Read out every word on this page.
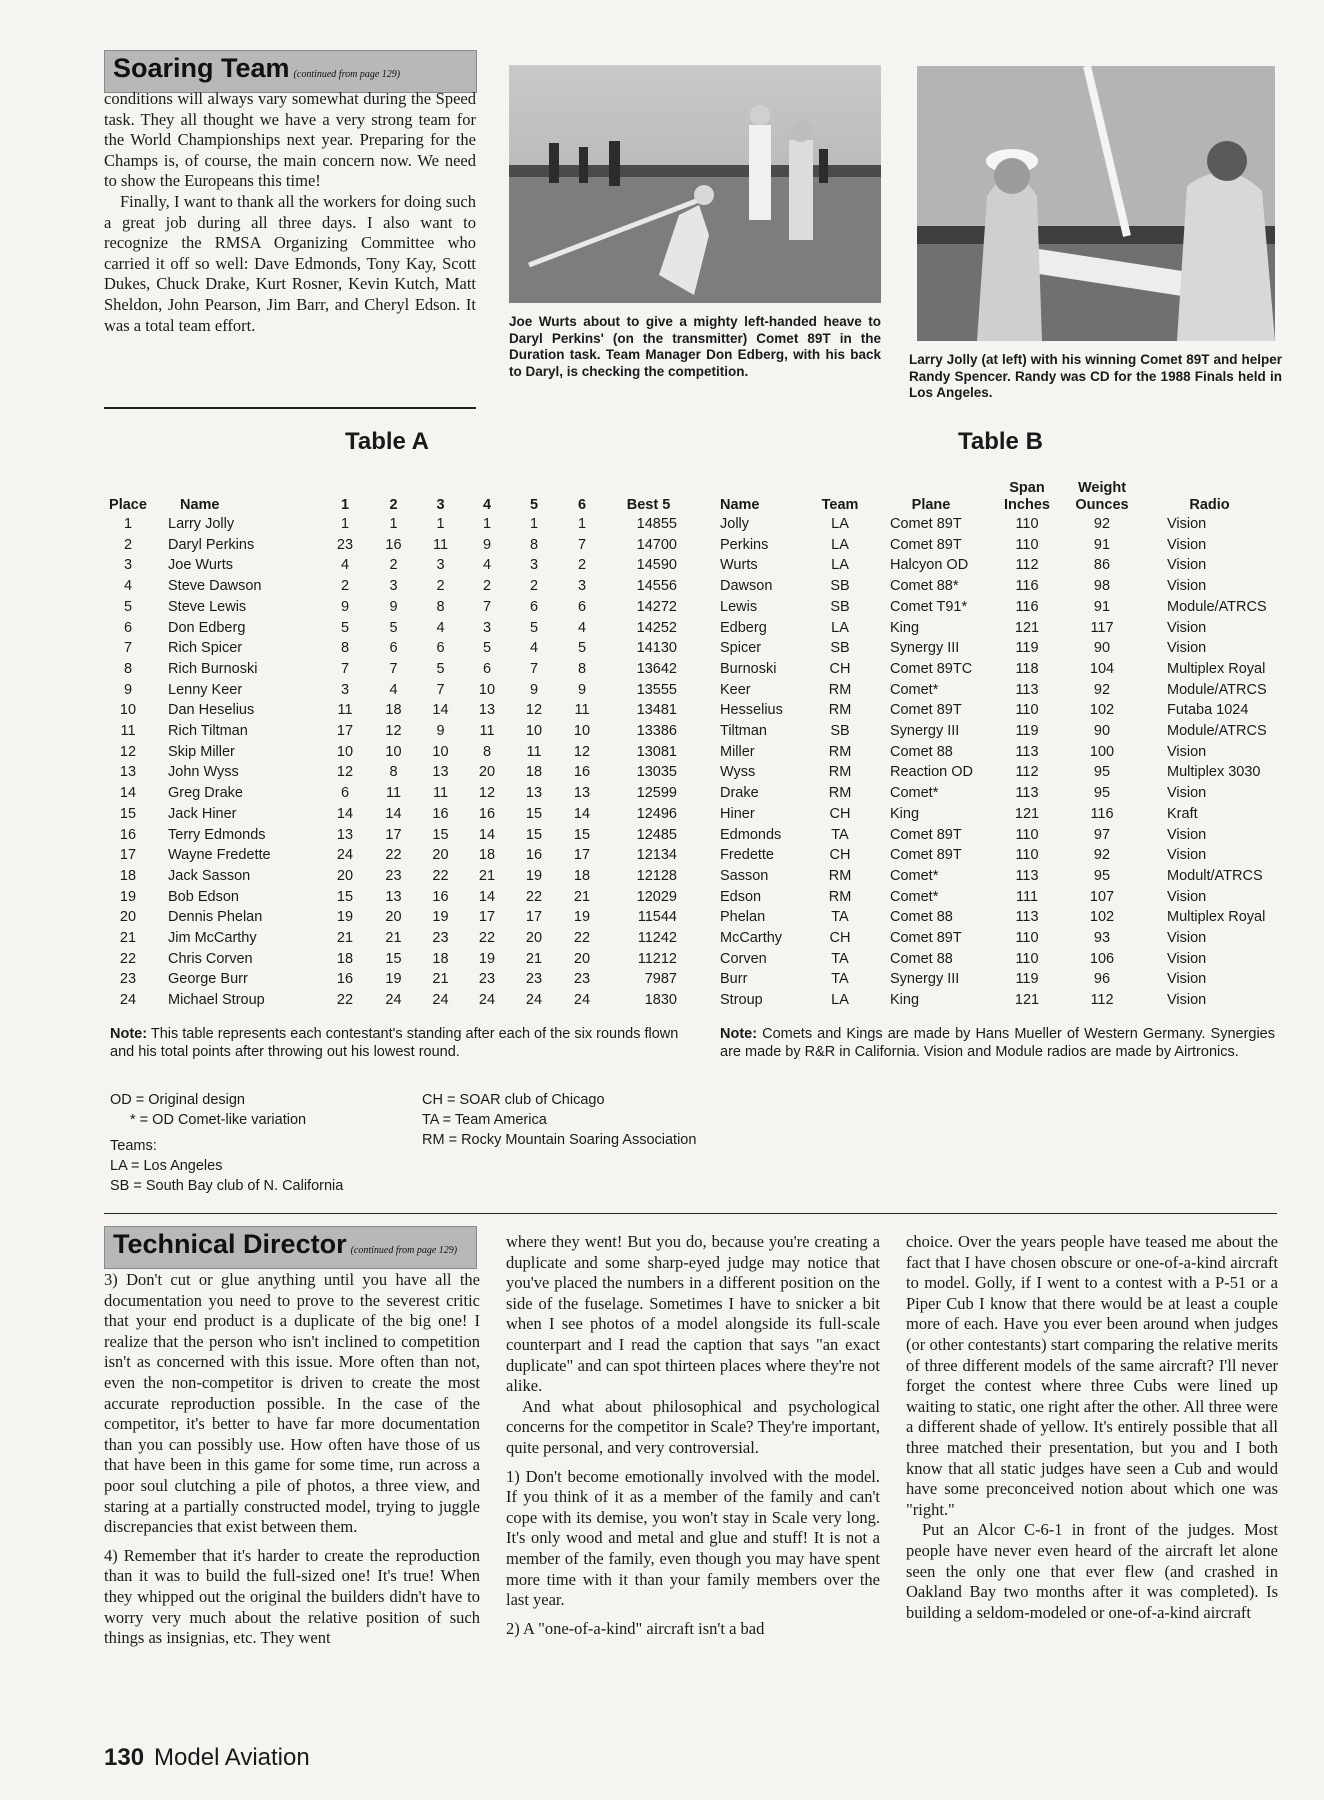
Soaring Team (continued from page 129)

conditions will always vary somewhat during the Speed task. They all thought we have a very strong team for the World Championships next year. Preparing for the Champs is, of course, the main concern now. We need to show the Europeans this time!

Finally, I want to thank all the workers for doing such a great job during all three days. I also want to recognize the RMSA Organizing Committee who carried it off so well: Dave Edmonds, Tony Kay, Scott Dukes, Chuck Drake, Kurt Rosner, Kevin Kutch, Matt Sheldon, John Pearson, Jim Barr, and Cheryl Edson. It was a total team effort.	Joe Wurts about to give a mighty left-handed heave to Daryl Perkins' (on the transmitter) Comet 89T in the Duration task. Team Manager Don Edberg, with his back to Daryl, is checking the competition.
Larry Jolly (at left) with his winning Comet 89T and helper Randy Spencer. Randy was CD for the 1988 Finals held in Los Angeles.
Table A	Table B
Place	Name	1	2	3	4	5	6	Best 5
1	Larry Jolly	1	1	1	1	1	1	14855
2	Daryl Perkins	23	16	11	9	8	7	14700
3	Joe Wurts	4	2	3	4	3	2	14590
4	Steve Dawson	2	3	2	2	2	3	14556
5	Steve Lewis	9	9	8	7	6	6	14272
6	Don Edberg	5	5	4	3	5	4	14252
7	Rich Spicer	8	6	6	5	4	5	14130
8	Rich Burnoski	7	7	5	6	7	8	13642
9	Lenny Keer	3	4	7	10	9	9	13555
10	Dan Heselius	11	18	14	13	12	11	13481
11	Rich Tiltman	17	12	9	11	10	10	13386
12	Skip Miller	10	10	10	8	11	12	13081
13	John Wyss	12	8	13	20	18	16	13035
14	Greg Drake	6	11	11	12	13	13	12599
15	Jack Hiner	14	14	16	16	15	14	12496
16	Terry Edmonds	13	17	15	14	15	15	12485
17	Wayne Fredette	24	22	20	18	16	17	12134
18	Jack Sasson	20	23	22	21	19	18	12128
19	Bob Edson	15	13	16	14	22	21	12029
20	Dennis Phelan	19	20	19	17	17	19	11544
21	Jim McCarthy	21	21	23	22	20	22	11242
22	Chris Corven	18	15	18	19	21	20	11212
23	George Burr	16	19	21	23	23	23	7987
24	Michael Stroup	22	24	24	24	24	24	1830
Name	Team	Plane	Span Inches	Weight Ounces	Radio
Jolly	LA	Comet 89T	110	92	Vision
Perkins	LA	Comet 89T	110	91	Vision
Wurts	LA	Halcyon OD	112	86	Vision
Dawson	SB	Comet 88*	116	98	Vision
Lewis	SB	Comet T91*	116	91	Module/ATRCS
Edberg	LA	King	121	117	Vision
Spicer	SB	Synergy III	119	90	Vision
Burnoski	CH	Comet 89TC	118	104	Multiplex Royal
Keer	RM	Comet*	113	92	Module/ATRCS
Hesselius	RM	Comet 89T	110	102	Futaba 1024
Tiltman	SB	Synergy III	119	90	Module/ATRCS
Miller	RM	Comet 88	113	100	Vision
Wyss	RM	Reaction OD	112	95	Multiplex 3030
Drake	RM	Comet*	113	95	Vision
Hiner	CH	King	121	116	Kraft
Edmonds	TA	Comet 89T	110	97	Vision
Fredette	CH	Comet 89T	110	92	Vision
Sasson	RM	Comet*	113	95	Modult/ATRCS
Edson	RM	Comet*	111	107	Vision
Phelan	TA	Comet 88	113	102	Multiplex Royal
McCarthy	CH	Comet 89T	110	93	Vision
Corven	TA	Comet 88	110	106	Vision
Burr	TA	Synergy III	119	96	Vision
Stroup	LA	King	121	112	Vision
Note: This table represents each contestant's standing after each of the six rounds flown and his total points after throwing out his lowest round.
Note: Comets and Kings are made by Hans Mueller of Western Germany. Synergies are made by R&R in California. Vision and Module radios are made by Airtronics.
OD = Original design
* = OD Comet-like variation
Teams:
LA = Los Angeles
SB = South Bay club of N. California
CH = SOAR club of Chicago
TA = Team America
RM = Rocky Mountain Soaring Association
Technical Director (continued from page 129)

3) Don't cut or glue anything until you have all the documentation you need to prove to the severest critic that your end product is a duplicate of the big one! I realize that the person who isn't inclined to competition isn't as concerned with this issue. More often than not, even the non-competitor is driven to create the most accurate reproduction possible. In the case of the competitor, it's better to have far more documentation than you can possibly use. How often have those of us that have been in this game for some time, run across a poor soul clutching a pile of photos, a three view, and staring at a partially constructed model, trying to juggle discrepancies that exist between them.

4) Remember that it's harder to create the reproduction than it was to build the full-sized one! It's true! When they whipped out the original the builders didn't have to worry very much about the relative position of such things as insignias, etc. They went

where they went! But you do, because you're creating a duplicate and some sharp-eyed judge may notice that you've placed the numbers in a different position on the side of the fuselage. Sometimes I have to snicker a bit when I see photos of a model alongside its full-scale counterpart and I read the caption that says "an exact duplicate" and can spot thirteen places where they're not alike.

And what about philosophical and psychological concerns for the competitor in Scale? They're important, quite personal, and very controversial.

1) Don't become emotionally involved with the model. If you think of it as a member of the family and can't cope with its demise, you won't stay in Scale very long. It's only wood and metal and glue and stuff! It is not a member of the family, even though you may have spent more time with it than your family members over the last year.

2) A "one-of-a-kind" aircraft isn't a bad

choice. Over the years people have teased me about the fact that I have chosen obscure or one-of-a-kind aircraft to model. Golly, if I went to a contest with a P-51 or a Piper Cub I know that there would be at least a couple more of each. Have you ever been around when judges (or other contestants) start comparing the relative merits of three different models of the same aircraft? I'll never forget the contest where three Cubs were lined up waiting to static, one right after the other. All three were a different shade of yellow. It's entirely possible that all three matched their presentation, but you and I both know that all static judges have seen a Cub and would have some preconceived notion about which one was "right."

Put an Alcor C-6-1 in front of the judges. Most people have never even heard of the aircraft let alone seen the only one that ever flew (and crashed in Oakland Bay two months after it was completed). Is building a seldom-modeled or one-of-a-kind aircraft

130 Model Aviation
